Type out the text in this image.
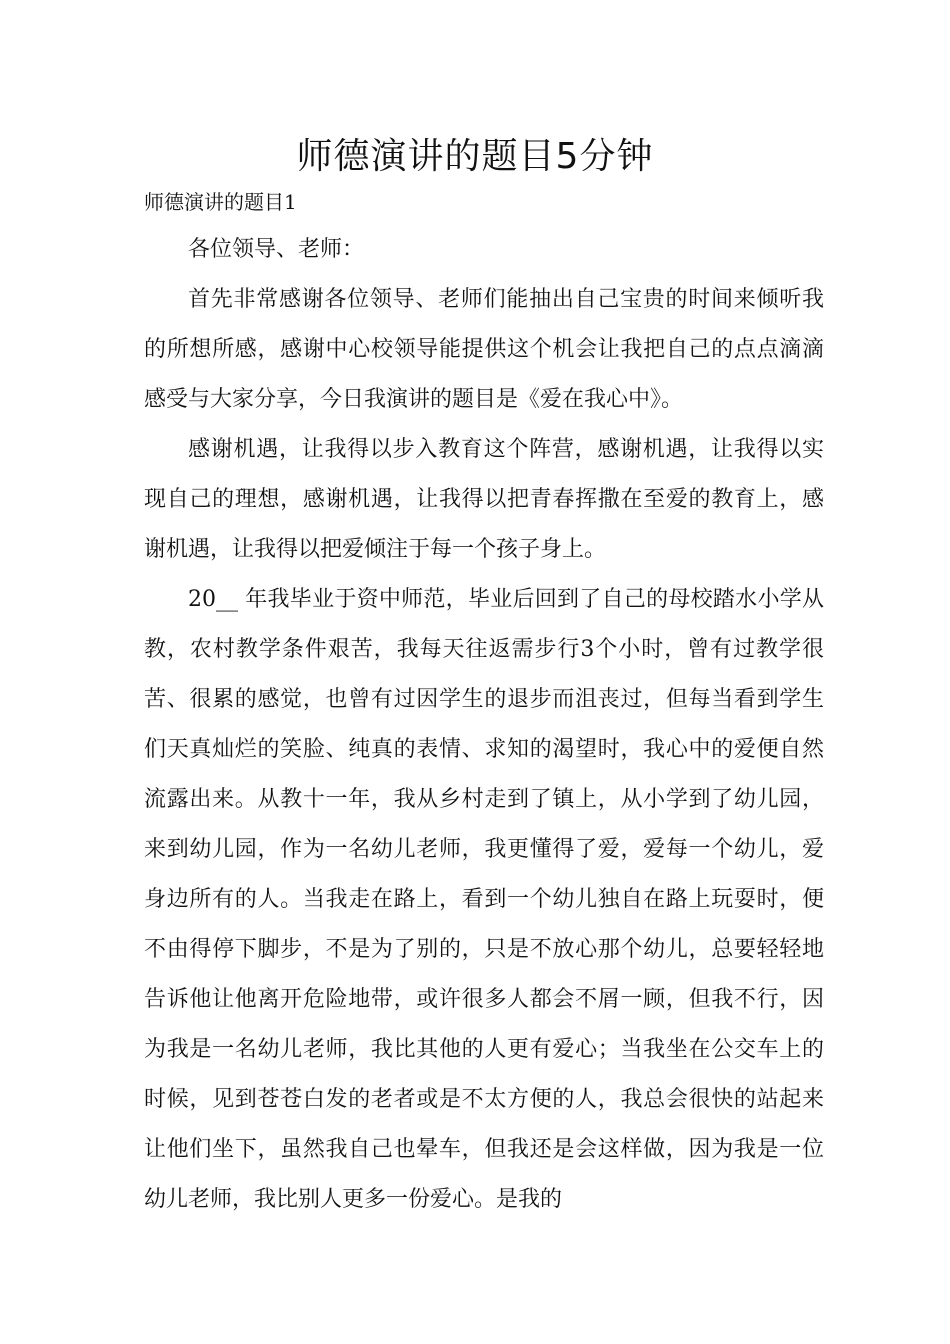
师德演讲的题目5分钟
师德演讲的题目1

各位领导、老师：

首先非常感谢各位领导、老师们能抽出自己宝贵的时间来倾听我的所想所感，感谢中心校领导能提供这个机会让我把自己的点点滴滴感受与大家分享，今日我演讲的题目是《爱在我心中》。

感谢机遇，让我得以步入教育这个阵营，感谢机遇，让我得以实现自己的理想，感谢机遇，让我得以把青春挥撒在至爱的教育上，感谢机遇，让我得以把爱倾注于每一个孩子身上。

20__ 年我毕业于资中师范，毕业后回到了自己的母校踏水小学从教，农村教学条件艰苦，我每天往返需步行3个小时，曾有过教学很苦、很累的感觉，也曾有过因学生的退步而沮丧过，但每当看到学生们天真灿烂的笑脸、纯真的表情、求知的渴望时，我心中的爱便自然流露出来。从教十一年，我从乡村走到了镇上，从小学到了幼儿园，来到幼儿园，作为一名幼儿老师，我更懂得了爱，爱每一个幼儿，爱身边所有的人。当我走在路上，看到一个幼儿独自在路上玩耍时，便不由得停下脚步，不是为了别的，只是不放心那个幼儿，总要轻轻地告诉他让他离开危险地带，或许很多人都会不屑一顾，但我不行，因为我是一名幼儿老师，我比其他的人更有爱心；当我坐在公交车上的时候，见到苍苍白发的老者或是不太方便的人，我总会很快的站起来让他们坐下，虽然我自己也晕车，但我还是会这样做，因为我是一位幼儿老师，我比别人更多一份爱心。是我的
